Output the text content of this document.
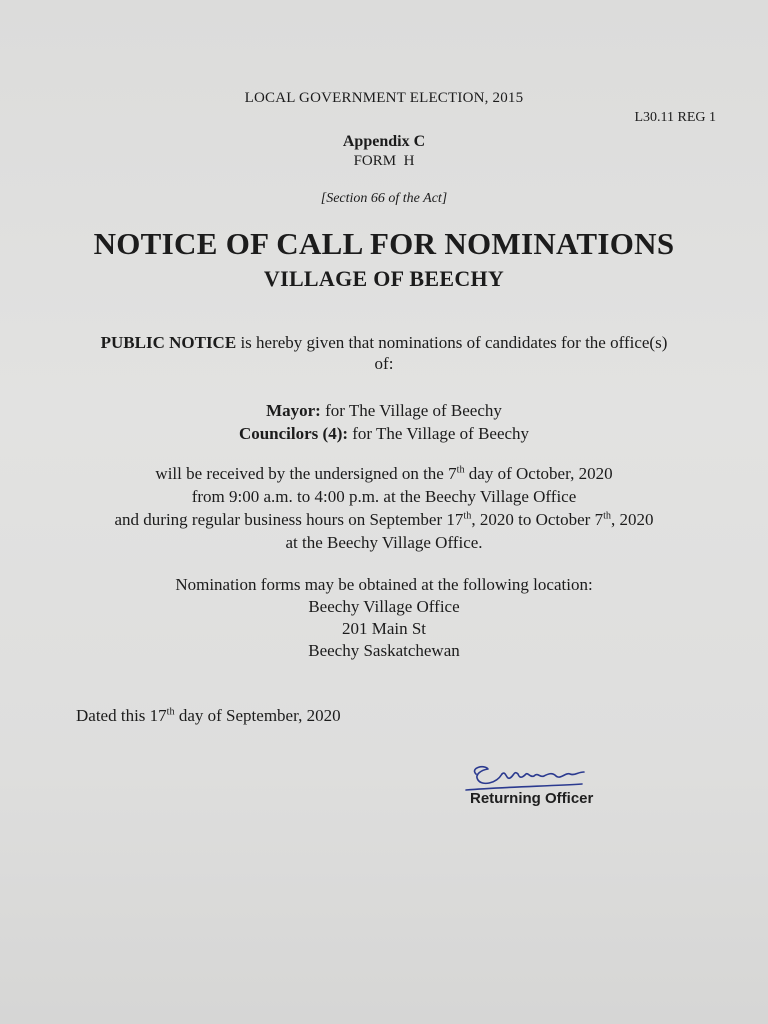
LOCAL GOVERNMENT ELECTION, 2015
L30.11 REG 1
Appendix C
FORM  H
[Section 66 of the Act]
NOTICE OF CALL FOR NOMINATIONS
VILLAGE OF BEECHY
PUBLIC NOTICE is hereby given that nominations of candidates for the office(s)
of:
Mayor: for The Village of Beechy
Councilors (4): for The Village of Beechy
will be received by the undersigned on the 7th day of October, 2020
from 9:00 a.m. to 4:00 p.m. at the Beechy Village Office
and during regular business hours on September 17th, 2020 to October 7th, 2020
at the Beechy Village Office.
Nomination forms may be obtained at the following location:
Beechy Village Office
201 Main St
Beechy Saskatchewan
Dated this 17th day of September, 2020
Returning Officer
